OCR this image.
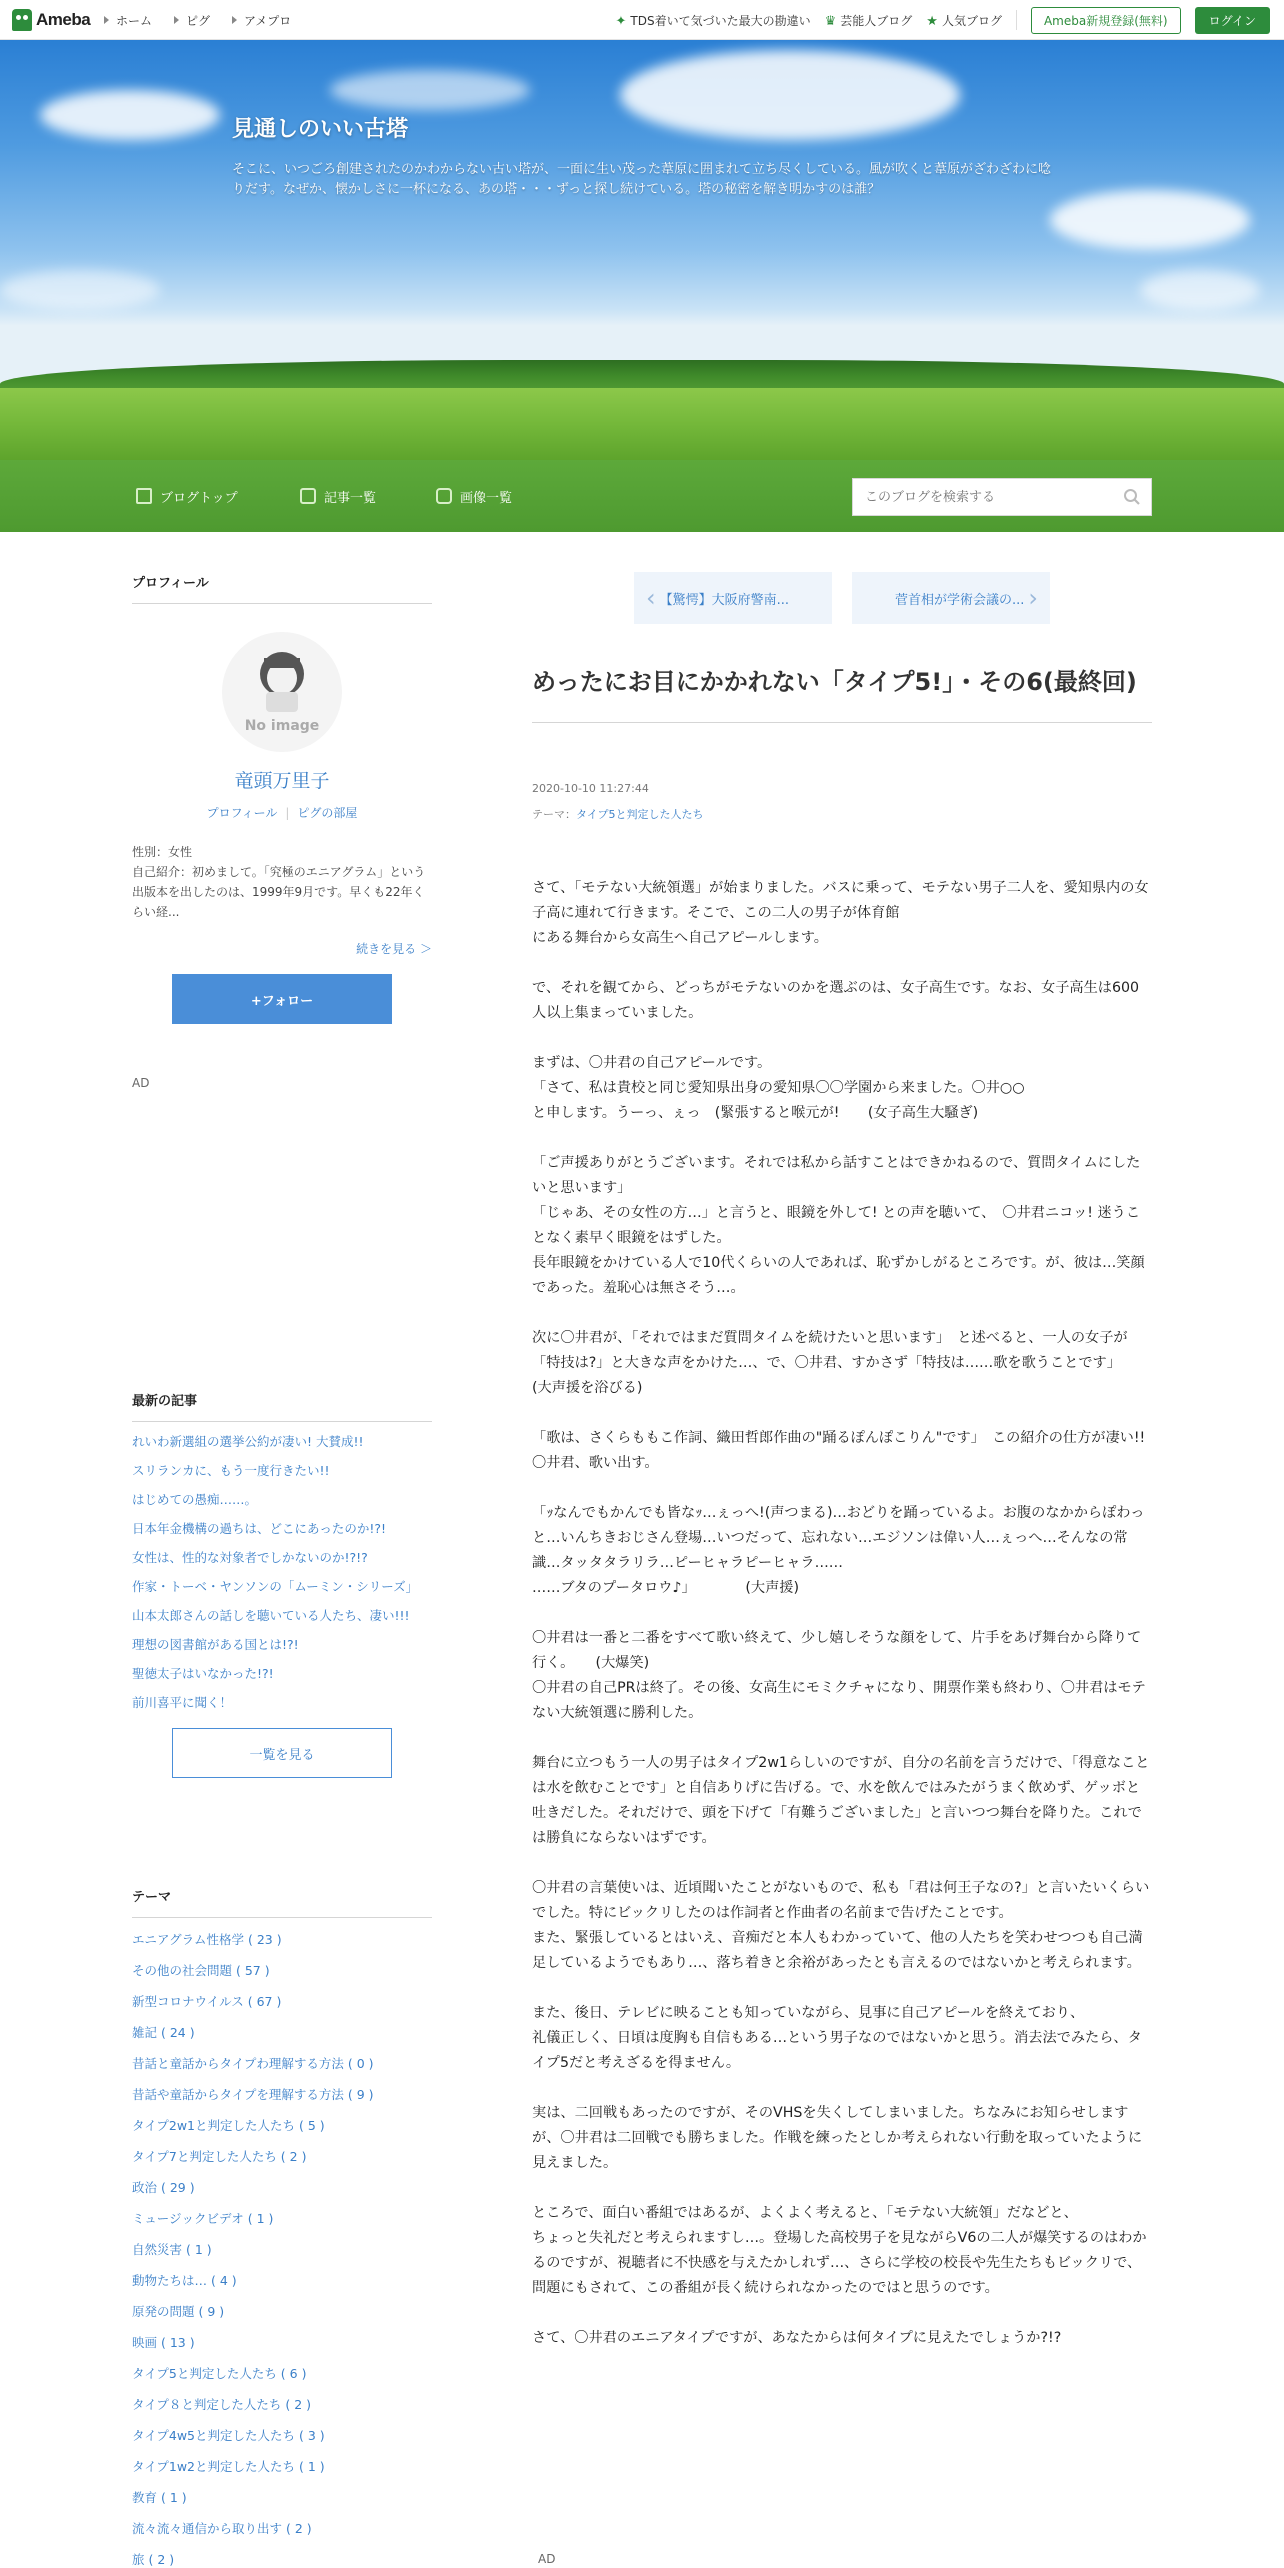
Ameba	ホーム	ピグ	アメプロ	✦ TDS着いて気づいた最大の勘違い ♛ 芸能人ブログ ★ 人気ブログ	Ameba新規登録(無料)	ログイン
見通しのいい古塔
そこに、いつごろ創建されたのかわからない古い塔が、一面に生い茂った葦原に囲まれて立ち尽くしている。風が吹くと葦原がざわざわに唸りだす。なぜか、懐かしさに一杯になる、あの塔・・・ずっと探し続けている。塔の秘密を解き明かすのは誰？
ブログトップ	記事一覧	画像一覧
このブログを検索する
プロフィール
No image
竜頭万里子
プロフィール | ピグの部屋
性別：女性
自己紹介：初めまして。「究極のエニアグラム」という出版本を出したのは、1999年9月です。早くも22年くらい経...
続きを見る ＞
+フォロー
AD
最新の記事
れいわ新選組の選挙公約が凄い! 大賛成!!
スリランカに、もう一度行きたい!!
はじめての愚痴……。
日本年金機構の過ちは、どこにあったのか!?!
女性は、性的な対象者でしかないのか!?!?
作家・トーベ・ヤンソンの「ムーミン・シリーズ」
山本太郎さんの話しを聴いている人たち、凄い!!!
理想の図書館がある国とは!?!
聖徳太子はいなかった!?!
前川喜平に聞く！
一覧を見る
テーマ
エニアグラム性格学 ( 23 )
その他の社会問題 ( 57 )
新型コロナウイルス ( 67 )
雑記 ( 24 )
昔話と童話からタイプわ理解する方法 ( 0 )
昔話や童話からタイプを理解する方法 ( 9 )
タイプ2w1と判定した人たち ( 5 )
タイプ7と判定した人たち ( 2 )
政治 ( 29 )
ミュージックビデオ ( 1 )
自然災害 ( 1 )
動物たちは… ( 4 )
原発の問題 ( 9 )
映画 ( 13 )
タイプ5と判定した人たち ( 6 )
タイプ８と判定した人たち ( 2 )
タイプ4w5と判定した人たち ( 3 )
タイプ1w2と判定した人たち ( 1 )
教育 ( 1 )
流々流々通信から取り出す ( 2 )
旅 ( 2 )
‹ 【驚愕】大阪府警南...	菅首相が学術会議の... ›
めったにお目にかかれない「タイプ5!」・その6(最終回)
2020-10-10 11:27:44
テーマ：タイプ5と判定した人たち

さて、「モテない大統領選」が始まりました。バスに乗って、モテない男子二人を、愛知県内の女子高に連れて行きます。そこで、この二人の男子が体育館
にある舞台から女高生へ自己アピールします。

で、それを観てから、どっちがモテないのかを選ぶのは、女子高生です。なお、女子高生は600人以上集まっていました。

まずは、〇井君の自己アピールです。
「さて、私は貴校と同じ愛知県出身の愛知県〇〇学園から来ました。〇井○○
と申します。うーっ、ぇっ　(緊張すると喉元が!　　(女子高生大騒ぎ)

「ご声援ありがとうございます。それでは私から話すことはできかねるので、質問タイムにしたいと思います」
「じゃあ、その女性の方…」と言うと、眼鏡を外して! との声を聴いて、　〇井君ニコッ! 迷うことなく素早く眼鏡をはずした。
長年眼鏡をかけている人で10代くらいの人であれば、恥ずかしがるところです。が、彼は…笑顔であった。羞恥心は無さそう…。

次に〇井君が、「それではまだ質問タイムを続けたいと思います」　と述べると、一人の女子が「特技は?」と大きな声をかけた…、で、〇井君、すかさず「特技は……歌を歌うことです」　　(大声援を浴びる)

「歌は、さくらももこ作詞、織田哲郎作曲の"踊るぽんぽこりん"です」　この紹介の仕方が凄い!!　〇井君、歌い出す。

「ｯなんでもかんでも皆なｯ…ぇっへ!(声つまる)…おどりを踊っているよ。お腹のなかからぽわっと…いんちきおじさん登場…いつだって、忘れない…エジソンは偉い人…ぇっへ…そんなの常識…タッタタラリラ…ピーヒャラピーヒャラ……
……ブタのプータロウ♪」　　　　(大声援)

〇井君は一番と二番をすべて歌い終えて、少し嬉しそうな顔をして、片手をあげ舞台から降りて行く。　　(大爆笑)
〇井君の自己PRは終了。その後、女高生にモミクチャになり、開票作業も終わり、〇井君はモテない大統領選に勝利した。

舞台に立つもう一人の男子はタイプ2w1らしいのですが、自分の名前を言うだけで、「得意なことは水を飲むことです」と自信ありげに告げる。で、水を飲んではみたがうまく飲めず、ゲッボと吐きだした。それだけで、頭を下げて「有難うございました」と言いつつ舞台を降りた。これでは勝負にならないはずです。

〇井君の言葉使いは、近頃聞いたことがないもので、私も「君は何王子なの?」と言いたいくらいでした。特にビックリしたのは作詞者と作曲者の名前まで告げたことです。
また、緊張しているとはいえ、音痴だと本人もわかっていて、他の人たちを笑わせつつも自己満足しているようでもあり…、落ち着きと余裕があったとも言えるのではないかと考えられます。

また、後日、テレビに映ることも知っていながら、見事に自己アピールを終えており、
礼儀正しく、日頃は度胸も自信もある…という男子なのではないかと思う。消去法でみたら、タイプ5だと考えざるを得ません。

実は、二回戦もあったのですが、そのVHSを失くしてしまいました。ちなみにお知らせしますが、〇井君は二回戦でも勝ちました。作戦を練ったとしか考えられない行動を取っていたように見えました。

ところで、面白い番組ではあるが、よくよく考えると、「モテない大統領」だなどと、
ちょっと失礼だと考えられますし…。登場した高校男子を見ながらV6の二人が爆笑するのはわかるのですが、視聴者に不快感を与えたかしれず…、さらに学校の校長や先生たちもビックリで、問題にもされて、この番組が長く続けられなかったのではと思うのです。

さて、〇井君のエニアタイプですが、あなたからは何タイプに見えたでしょうか?!?

AD
